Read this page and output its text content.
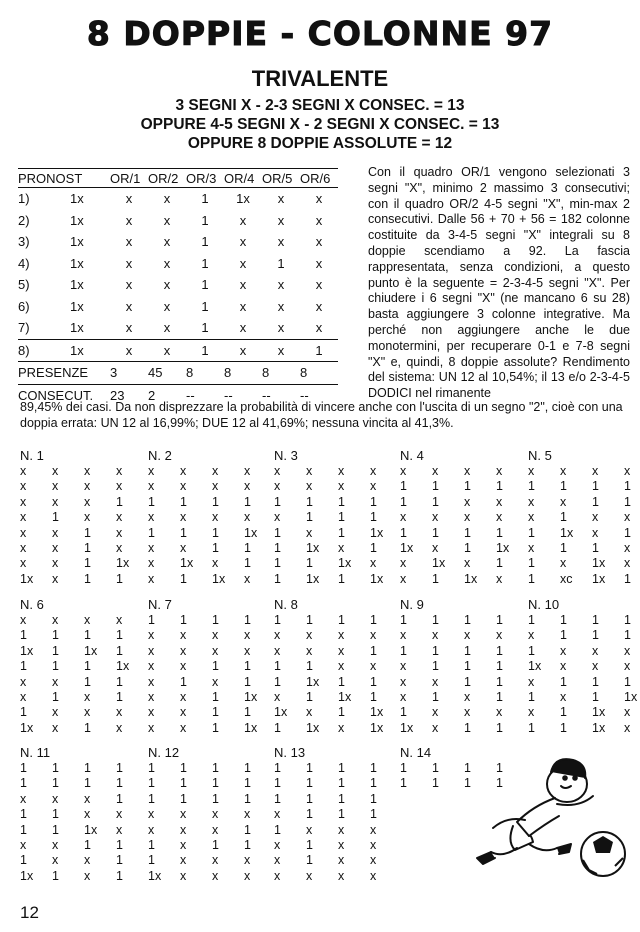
8 DOPPIE - COLONNE 97
TRIVALENTE
3 SEGNI X - 2-3 SEGNI X CONSEC. = 13
OPPURE 4-5 SEGNI X - 2 SEGNI X CONSEC. = 13
OPPURE 8 DOPPIE ASSOLUTE = 12
PRONOST	OR/1 OR/2 OR/3 OR/4 OR/5 OR/6
1)	1x	x	x	1	1x	x	x
2)	1x	x	x	1	x	x	x
3)	1x	x	x	1	x	x	x
4)	1x	x	x	1	x	1	x
5)	1x	x	x	1	x	x	x
6)	1x	x	x	1	x	x	x
7)	1x	x	x	1	x	x	x
8)	1x	x	x	1	x	x	1
PRESENZE	3	45	8	8	8	8
CONSECUT.	23	2	--	--	--	--
Con il quadro OR/1 vengono selezionati 3 segni "X", minimo 2 massimo 3 consecutivi; con il quadro OR/2 4-5 segni "X", min-max 2 consecutivi. Dalle 56 + 70 + 56 = 182 colonne costituite da 3-4-5 segni "X" integrali su 8 doppie scendiamo a 92. La fascia rappresentata, senza condizioni, a questo punto è la seguente = 2-3-4-5 segni "X". Per chiudere i 6 segni "X" (ne mancano 6 su 28) basta aggiungere 3 colonne integrative. Ma perché non aggiungere anche le due monotermini, per recuperare 0-1 e 7-8 segni "X" e, quindi, 8 doppie assolute? Rendimento del sistema: UN 12 al 10,54%; il 13 e/o 2-3-4-5 DODICI nel rimanente
89,45% dei casi. Da non disprezzare la probabilità di vincere anche con l'uscita di un segno "2", cioè con una doppia errata: UN 12 al 16,99%; DUE 12 al 41,69%; nessuna vincita al 41,3%.
N. 1
x	x	x	x
x	x	x	x
x	x	x	1
x	1	x	x
x	x	1	x
x	x	1	x
x	x	1	1x
1x	x	1	1
N. 2
x	x	x	x
x	x	x	x
1	1	1	1
x	x	x	x
1	1	1	1x
x	x	1	1
x	1x	x	1
x	1	1x	x
N. 3
x	x	x	x
x	x	x	x
1	1	1	1
x	1	1	1
1	x	1	1x
1	1x	x	1
1	1	1x	x
1	1x	1	1x
N. 4
x	x	x	x
1	1	1	1
1	1	x	x
x	x	x	x
1	1	1	1
1x	x	1	1x
x	1x	x	1
x	1	1x	x
N. 5
x	x	x	x
1	1	1	1
x	x	1	1
x	1	x	x
1	1x	x	1
x	1	1	x
1	x	1x	x
1	xc	1x	1
N. 6
x	x	x	x
1	1	1	1
1x	1	1x	1
1	1	1	1x
x	x	1	1
x	1	x	1
1	x	x	x
1x	x	1	x
N. 7
1	1	1	1
x	x	x	x
x	x	x	x
x	x	1	1
x	1	x	1
x	x	1	1x
x	x	1	1
x	x	1	1x
N. 8
1	1	1	1
x	x	x	x
x	x	x	1
1	1	x	x
1	1x	1	1
x	1	1x	1
1x	x	1	1x
1	1x	x	1x
N. 9
1	1	1	1
x	x	x	x
1	1	1	1
x	1	1	1
x	x	1	1
x	1	x	1
1	x	x	x
1x	x	1	1
N. 10
1	1	1	1
x	1	1	1
1	x	x	x
1x	x	x	x
x	1	1	1
1	x	1	1x
x	1	1x	x
1	1	1x	x
N. 11
1	1	1	1
1	1	1	1
x	x	x	1
1	1	x	x
1	1	1x	x
x	x	1	1
1	x	x	1
1x	1	x	1
N. 12
1	1	1	1
1	1	1	1
1	1	1	1
x	x	x	x
x	x	x	1
1	x	1	1
1	x	x	x
1x	x	x	x
N. 13
1	1	1	1
1	1	1	1
1	1	1	1
x	1	1	1
1	x	x	x
x	1	x	x
x	1	x	x
x	x	x	x
N. 14
1	1	1	1
1	1	1	1
12
